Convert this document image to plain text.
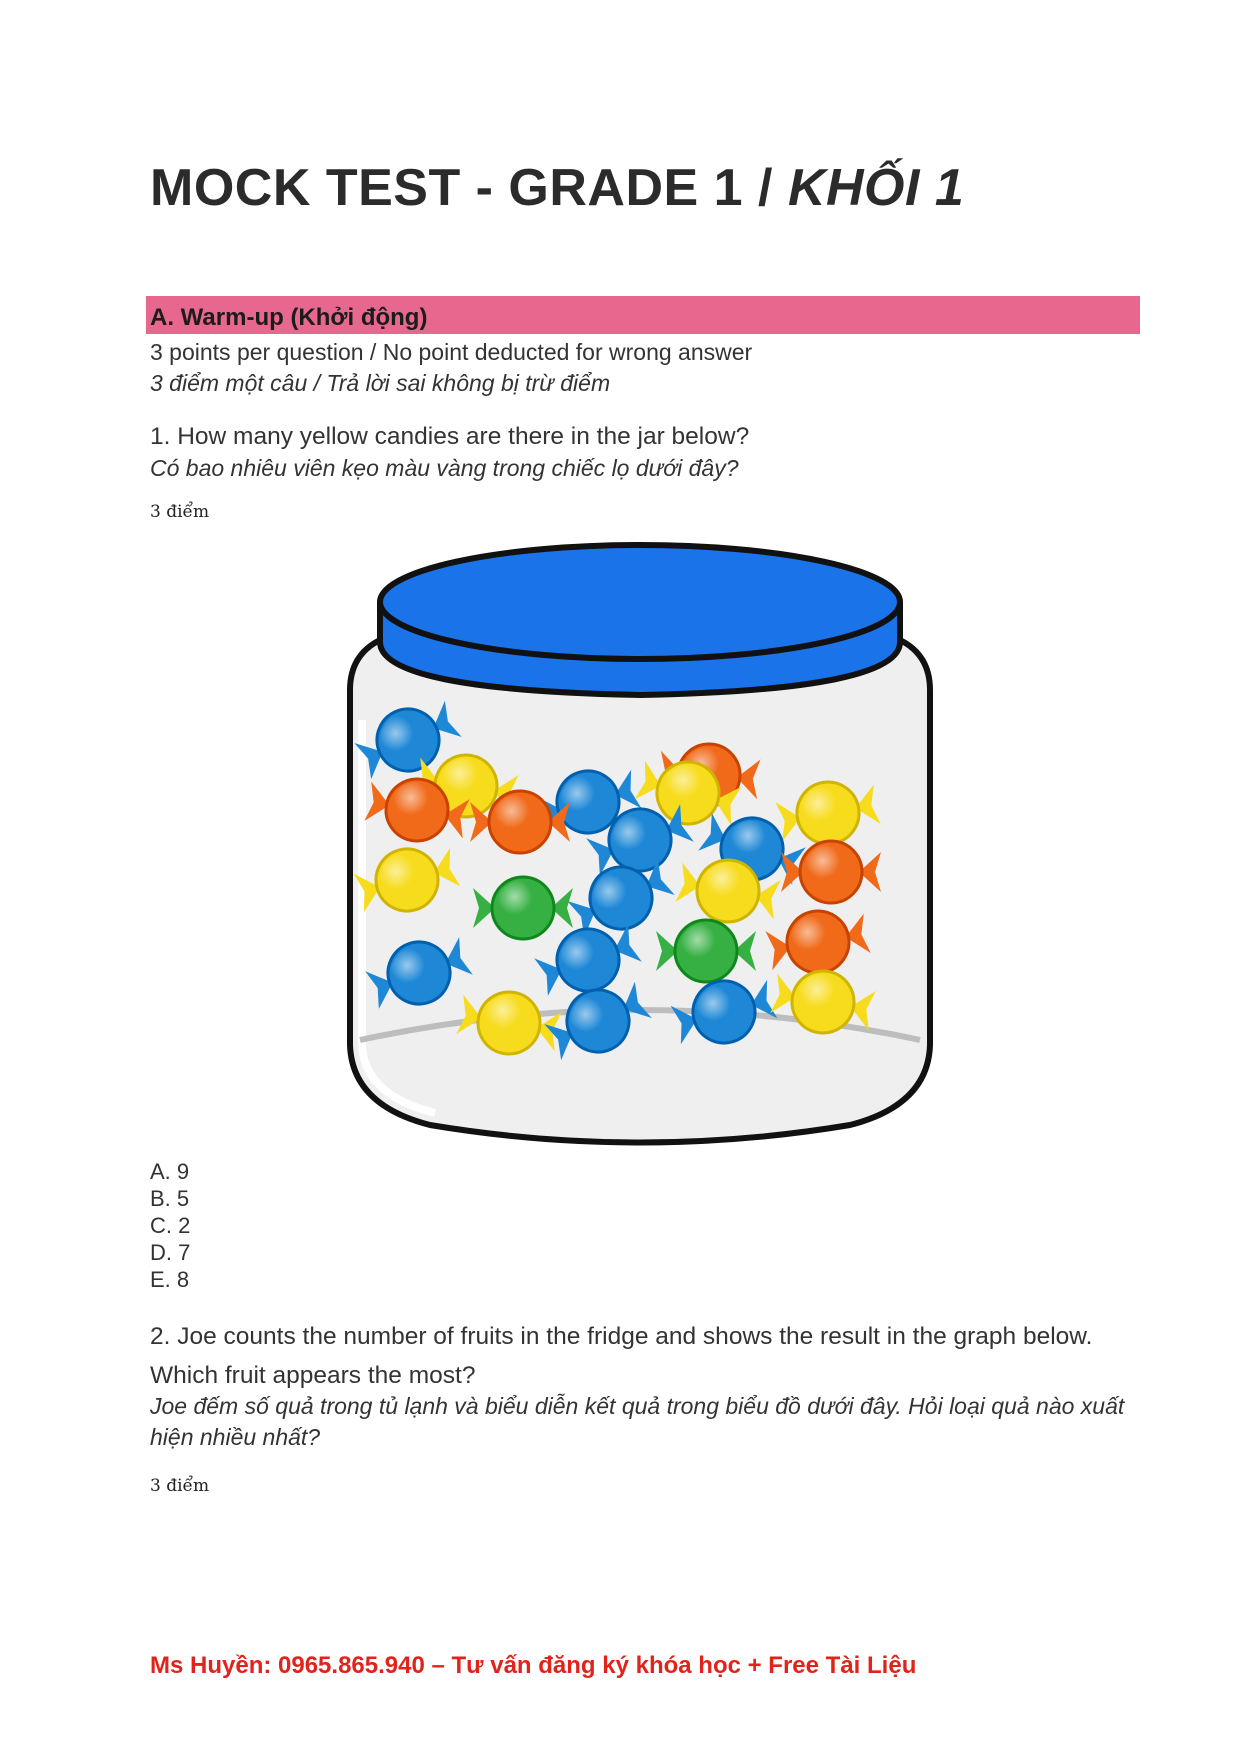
MOCK TEST - GRADE 1 / KHỐI 1
A. Warm-up (Khởi động)
3 points per question / No point deducted for wrong answer
3 điểm một câu / Trả lời sai không bị trừ điểm
1. How many yellow candies are there in the jar below?
Có bao nhiêu viên kẹo màu vàng trong chiếc lọ dưới đây?
3 điểm
A. 9
B. 5
C. 2
D. 7
E. 8
2. Joe counts the number of fruits in the fridge and shows the result in the graph below.
Which fruit appears the most?
Joe đếm số quả trong tủ lạnh và biểu diễn kết quả trong biểu đồ dưới đây. Hỏi loại quả nào xuất
hiện nhiều nhất?
3 điểm
Ms Huyền: 0965.865.940 – Tư vấn đăng ký khóa học + Free Tài Liệu
